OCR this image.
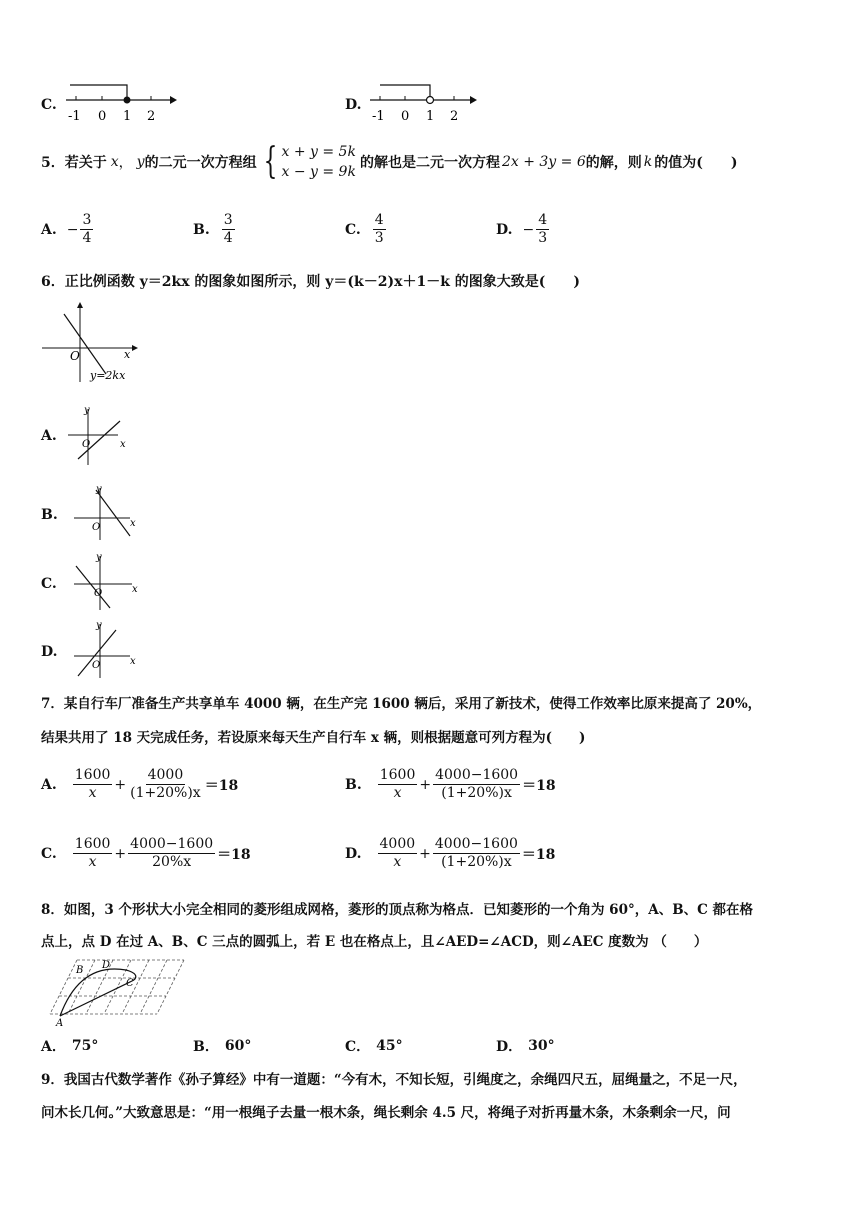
C.
-1 0 1 2
D.
-1 0 1 2
5．若关于 x ， y 的二元一次方程组 { x + y = 5k
x − y = 9k
的解也是二元一次方程 2x + 3y = 6 的解，则 k 的值为(　　)
A. − $\frac{3}{4}$	B. $\frac{3}{4}$	C. $\frac{4}{3}$	D. − $\frac{4}{3}$
6．正比例函数 y＝2kx 的图象如图所示，则 y＝(k－2)x＋1－k 的图象大致是(　　)
O	x
y=2kx
A.
y
x
O
B.
y
x
O
C.
y
x
O
D.
y
x
O
7．某自行车厂准备生产共享单车 4000 辆，在生产完 1600 辆后，采用了新技术，使得工作效率比原来提高了 20%，
结果共用了 18 天完成任务，若设原来每天生产自行车 x 辆，则根据题意可列方程为(　　)
A. $\frac{1600}{x} + \frac{4000}{(1+20\%)x} =18$	B. $\frac{1600}{x} + \frac{4000-1600}{(1+20\%)x} =18$
C. $\frac{1600}{x} + \frac{4000-1600}{20\%x} =18$	D. $\frac{4000}{x} + \frac{4000-1600}{(1+20\%)x} =18$
8．如图，3 个形状大小完全相同的菱形组成网格，菱形的顶点称为格点．已知菱形的一个角为 60°，A、B、C 都在格
点上，点 D 在过 A、B、C 三点的圆弧上，若 E 也在格点上，且∠AED=∠ACD，则∠AEC 度数为 （　　）
B D
C
A
A． 75°	B． 60°	C． 45°	D． 30°
9．我国古代数学著作《孙子算经》中有一道题：“今有木，不知长短，引绳度之，余绳四尺五，屈绳量之，不足一尺，
问木长几何。”大致意思是：“用一根绳子去量一根木条，绳长剩余 4.5 尺，将绳子对折再量木条，木条剩余一尺，问
